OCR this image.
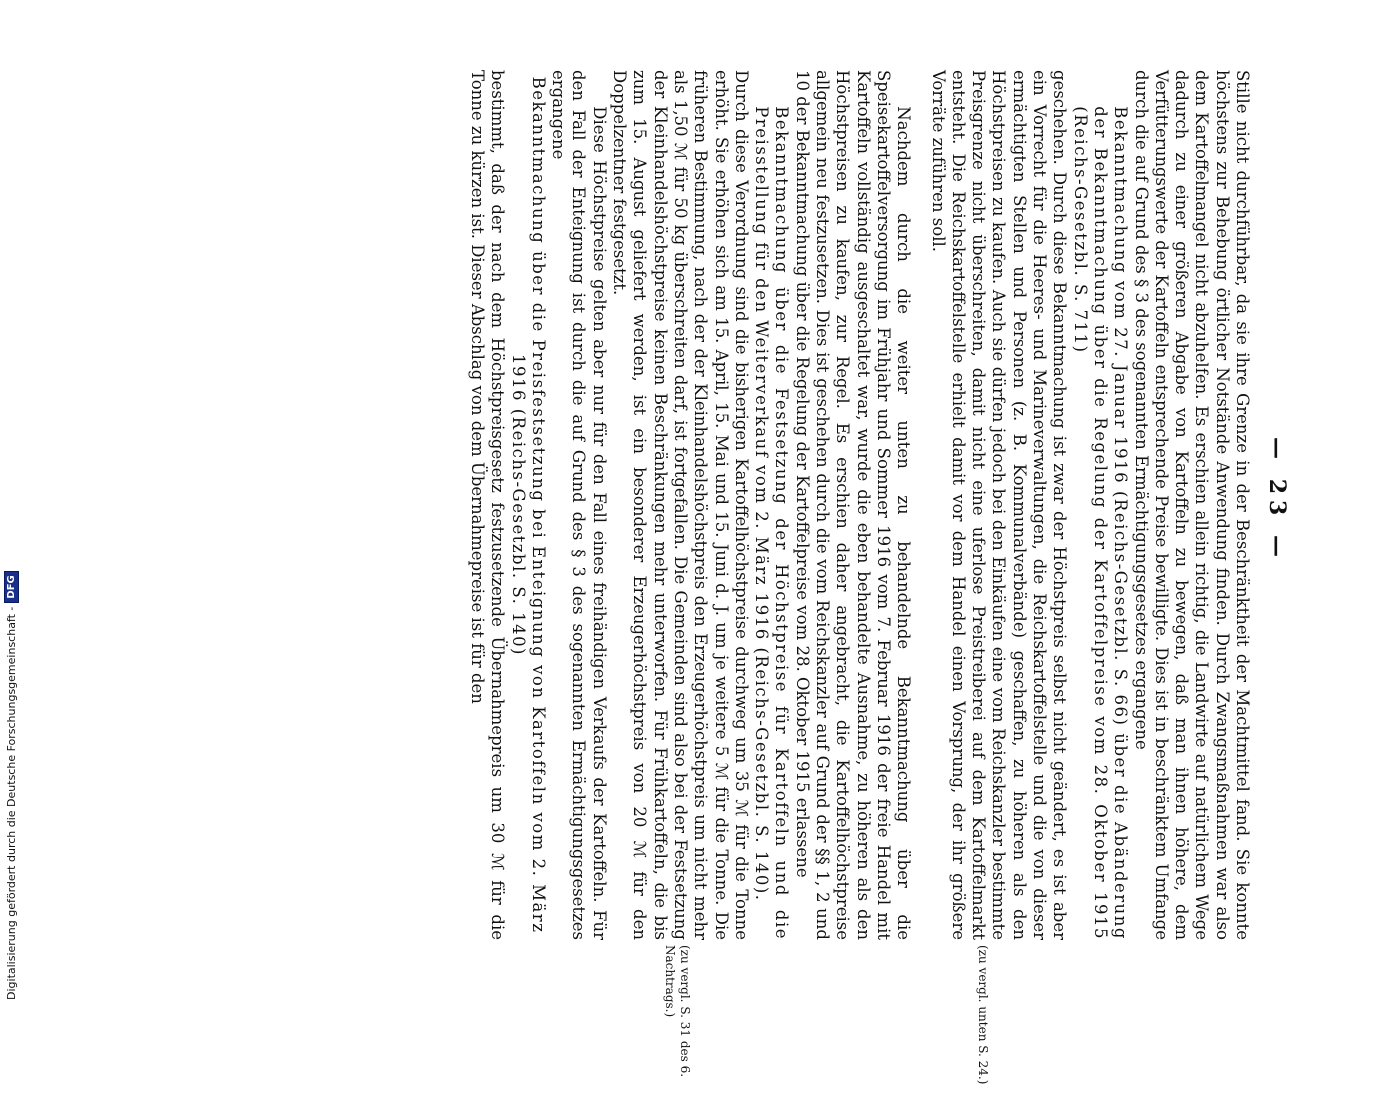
— 23 —

Stille nicht durchführbar, da sie ihre Grenze in der Beschränktheit der Machtmittel fand. Sie konnte höchstens zur Behebung örtlicher Notstände Anwendung finden. Durch Zwangsmaßnahmen war also dem Kartoffelmangel nicht abzuhelfen. Es erschien allein richtig, die Landwirte auf natürlichem Wege dadurch zu einer größeren Abgabe von Kartoffeln zu bewegen, daß man ihnen höhere, dem Verfütterungswerte der Kartoffeln entsprechende Preise bewilligte. Dies ist in beschränktem Umfange durch die auf Grund des § 3 des sogenannten Ermächtigungsgesetzes ergangene

Bekanntmachung vom 27. Januar 1916 (Reichs-Gesetzbl. S. 66) über die Abänderung der Bekanntmachung über die Regelung der Kartoffelpreise vom 28. Oktober 1915 (Reichs-Gesetzbl. S. 711)

geschehen. Durch diese Bekanntmachung ist zwar der Höchstpreis selbst nicht geändert, es ist aber ein Vorrecht für die Heeres- und Marineverwaltungen, die Reichskartoffelstelle und die von dieser ermächtigten Stellen und Personen (z. B. Kommunalverbände) geschaffen, zu höheren als den Höchstpreisen zu kaufen. Auch sie dürfen jedoch bei den Einkäufen eine vom Reichskanzler bestimmte Preisgrenze nicht überschreiten, damit nicht eine uferlose Preistreiberei auf dem Kartoffelmarkt entsteht. Die Reichskartoffelstelle erhielt damit vor dem Handel einen Vorsprung, der ihr größere Vorräte zuführen soll.

Nachdem durch die weiter unten zu behandelnde Bekanntmachung über die Speisekartoffelversorgung im Frühjahr und Sommer 1916 vom 7. Februar 1916 der freie Handel mit Kartoffeln vollständig ausgeschaltet war, wurde die eben behandelte Ausnahme, zu höheren als den Höchstpreisen zu kaufen, zur Regel. Es erschien daher angebracht, die Kartoffelhöchstpreise allgemein neu festzusetzen. Dies ist geschehen durch die vom Reichskanzler auf Grund der §§ 1, 2 und 10 der Bekanntmachung über die Regelung der Kartoffelpreise vom 28. Oktober 1915 erlassene

Bekanntmachung über die Festsetzung der Höchstpreise für Kartoffeln und die Preisstellung für den Weiterverkauf vom 2. März 1916 (Reichs-Gesetzbl. S. 140).

Durch diese Verordnung sind die bisherigen Kartoffelhöchstpreise durchweg um 35 ℳ für die Tonne erhöht. Sie erhöhen sich am 15. April, 15. Mai und 15. Juni d. J. um je weitere 5 ℳ für die Tonne. Die früheren Bestimmung, nach der der Kleinhandelshöchstpreis den Erzeugerhöchstpreis um nicht mehr als 1,50 ℳ für 50 kg überschreiten darf, ist fortgefallen. Die Gemeinden sind also bei der Festsetzung der Kleinhandelshöchstpreise keinen Beschränkungen mehr unterworfen. Für Frühkartoffeln, die bis zum 15. August geliefert werden, ist ein besonderer Erzeugerhöchstpreis von 20 ℳ für den Doppelzentner festgesetzt.

Diese Höchstpreise gelten aber nur für den Fall eines freihändigen Verkaufs der Kartoffeln. Für den Fall der Enteignung ist durch die auf Grund des § 3 des sogenannten Ermächtigungsgesetzes ergangene

Bekanntmachung über die Preisfestsetzung bei Enteignung von Kartoffeln vom 2. März 1916 (Reichs-Gesetzbl. S. 140)

bestimmt, daß der nach dem Höchstpreisgesetz festzusetzende Übernahmepreis um 30 ℳ für die Tonne zu kürzen ist. Dieser Abschlag von dem Übernahmepreise ist für den

(zu vergl. unten S. 24.)
(zu vergl. S. 31 des 6. Nachtrags.)
Digitalisierung gefördert durch die Deutsche Forschungsgemeinschaft -
DFG
